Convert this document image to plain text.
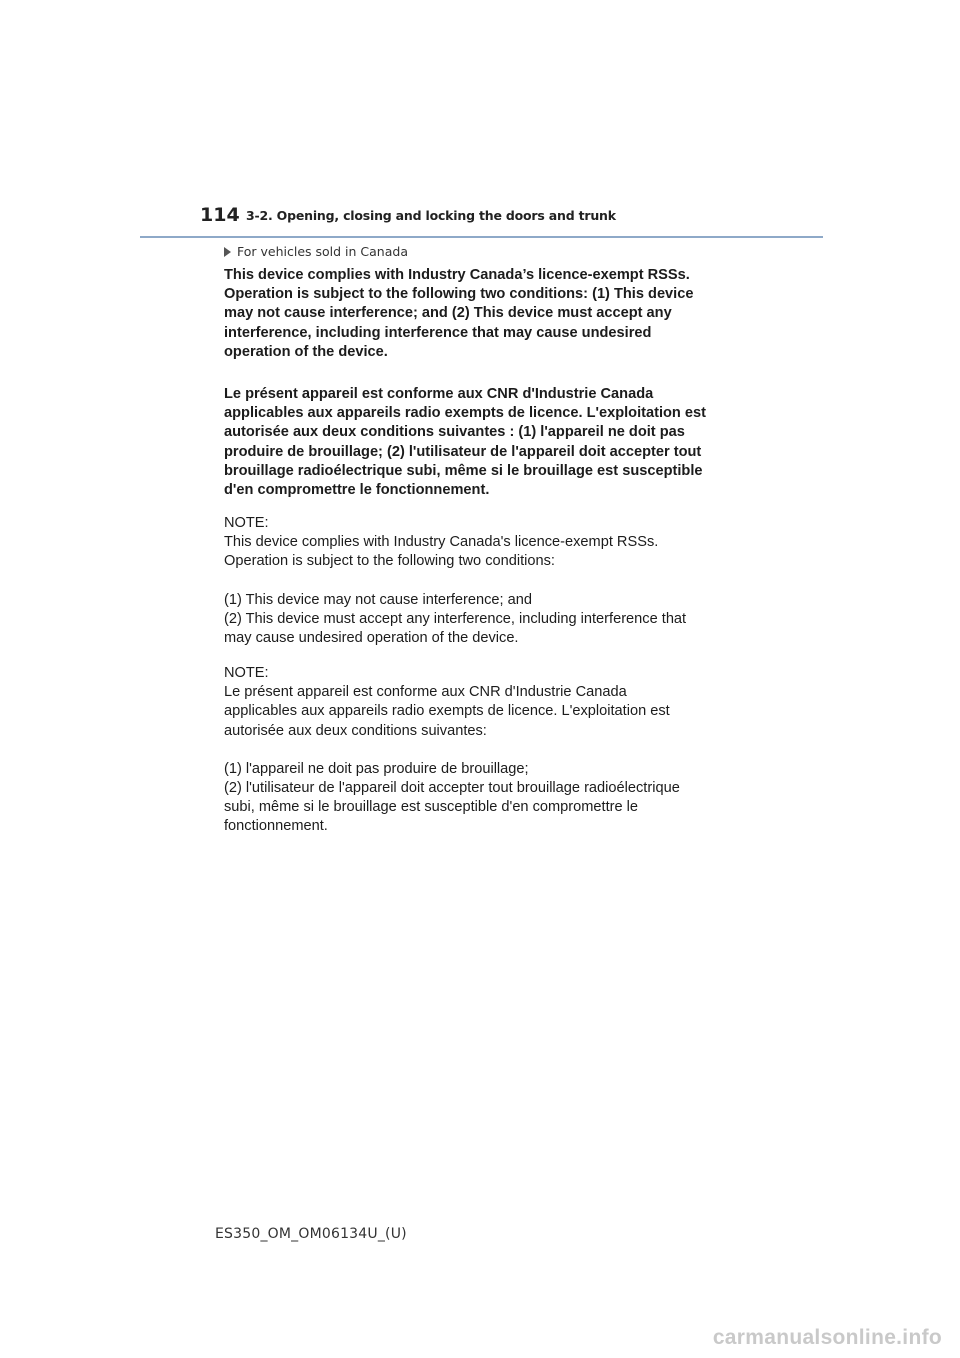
114 3-2. Opening, closing and locking the doors and trunk
For vehicles sold in Canada
This device complies with Industry Canada’s licence-exempt RSSs.
Operation is subject to the following two conditions: (1) This device
may not cause interference; and (2) This device must accept any
interference, including interference that may cause undesired
operation of the device.
Le présent appareil est conforme aux CNR d'Industrie Canada
applicables aux appareils radio exempts de licence. L'exploitation est
autorisée aux deux conditions suivantes : (1) l'appareil ne doit pas
produire de brouillage; (2) l'utilisateur de l'appareil doit accepter tout
brouillage radioélectrique subi, même si le brouillage est susceptible
d'en compromettre le fonctionnement.
NOTE:
This device complies with Industry Canada's licence-exempt RSSs.
Operation is subject to the following two conditions:
(1) This device may not cause interference; and
(2) This device must accept any interference, including interference that
may cause undesired operation of the device.
NOTE:
Le présent appareil est conforme aux CNR d'Industrie Canada
applicables aux appareils radio exempts de licence. L'exploitation est
autorisée aux deux conditions suivantes:
(1) l'appareil ne doit pas produire de brouillage;
(2) l'utilisateur de l'appareil doit accepter tout brouillage radioélectrique
subi, même si le brouillage est susceptible d'en compromettre le
fonctionnement.
ES350_OM_OM06134U_(U)
carmanualsonline.info
